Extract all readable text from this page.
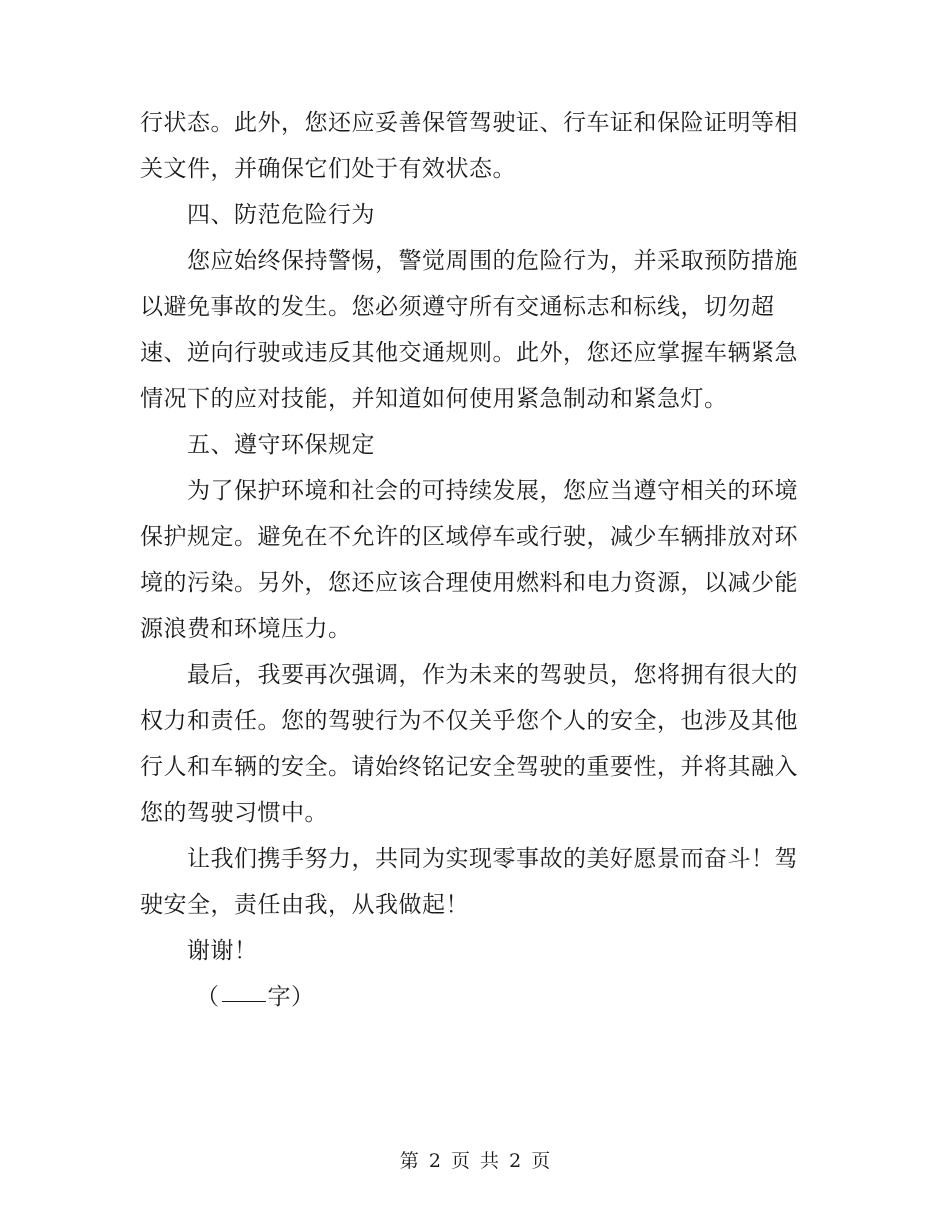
行状态。此外，您还应妥善保管驾驶证、行车证和保险证明等相
关文件，并确保它们处于有效状态。
四、防范危险行为
您应始终保持警惕，警觉周围的危险行为，并采取预防措施
以避免事故的发生。您必须遵守所有交通标志和标线，切勿超
速、逆向行驶或违反其他交通规则。此外，您还应掌握车辆紧急
情况下的应对技能，并知道如何使用紧急制动和紧急灯。
五、遵守环保规定
为了保护环境和社会的可持续发展，您应当遵守相关的环境
保护规定。避免在不允许的区域停车或行驶，减少车辆排放对环
境的污染。另外，您还应该合理使用燃料和电力资源，以减少能
源浪费和环境压力。
最后，我要再次强调，作为未来的驾驶员，您将拥有很大的
权力和责任。您的驾驶行为不仅关乎您个人的安全，也涉及其他
行人和车辆的安全。请始终铭记安全驾驶的重要性，并将其融入
您的驾驶习惯中。
让我们携手努力，共同为实现零事故的美好愿景而奋斗！驾
驶安全，责任由我，从我做起！
谢谢！
（ 字）
第 2 页 共 2 页
